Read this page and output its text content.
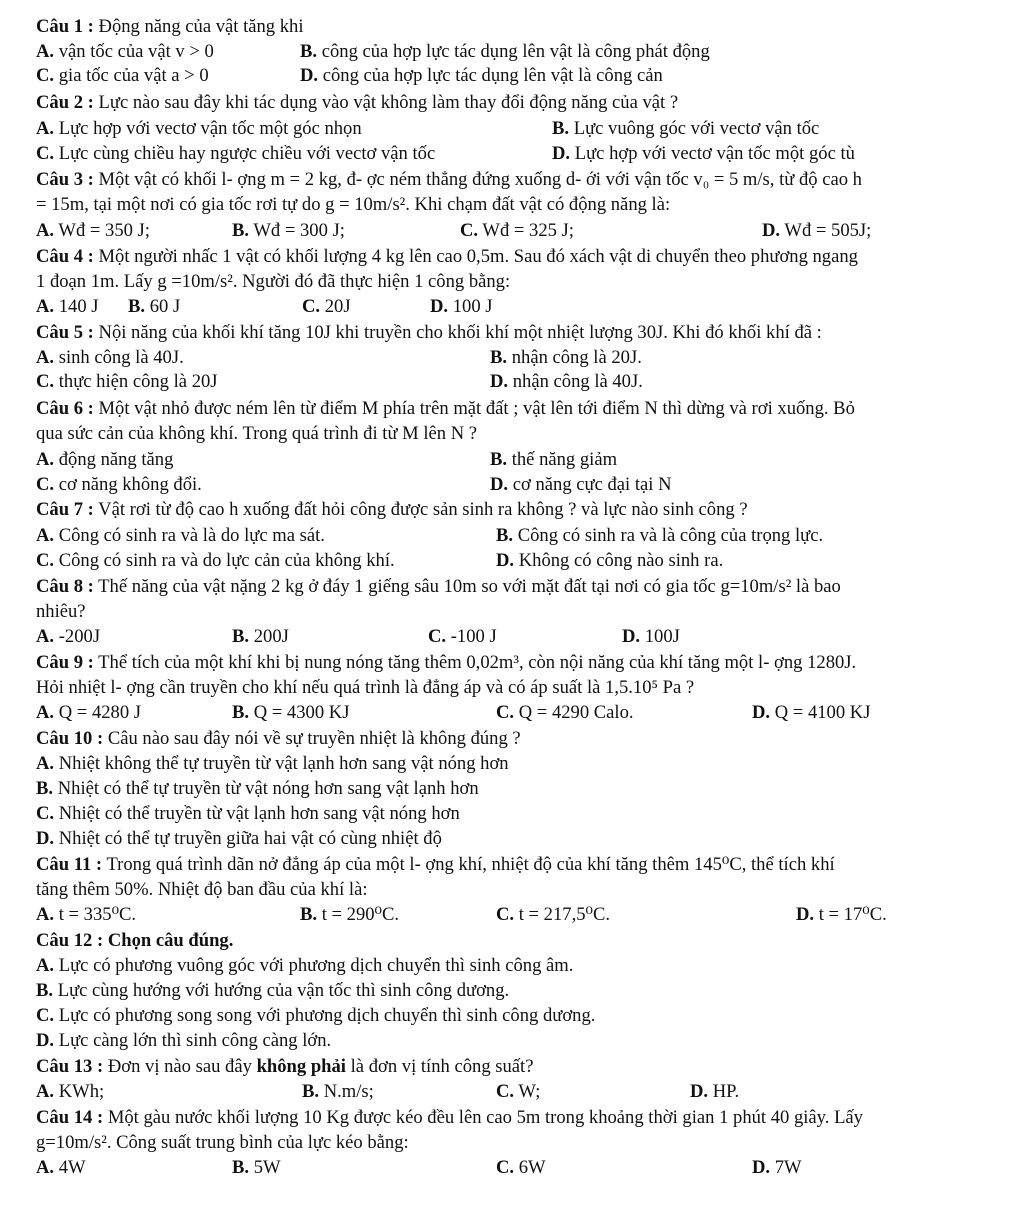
Câu 1 : Động năng của vật tăng khi
A. vận tốc của vật v > 0	B. công của hợp lực tác dụng lên vật là công phát động
C. gia tốc của vật a > 0	D. công của hợp lực tác dụng lên vật là công cản
Câu 2 : Lực nào sau đây khi tác dụng vào vật không làm thay đổi động năng của vật ?
A. Lực hợp với vectơ vận tốc một góc nhọn	B. Lực vuông góc với vectơ vận tốc
C. Lực cùng chiều hay ngược chiều với vectơ vận tốc	D. Lực hợp với vectơ vận tốc một góc tù
Câu 3 : Một vật có khối l- ợng m = 2 kg, đ- ợc ném thẳng đứng xuống d- ới với vận tốc v₀ = 5 m/s, từ độ cao h
= 15m, tại một nơi có gia tốc rơi tự do g = 10m/s². Khi chạm đất vật có động năng là:
A. Wđ = 350 J;	B. Wđ = 300 J;	C. Wđ = 325 J;	D. Wđ = 505J;
Câu 4 : Một người nhấc 1 vật có khối lượng 4 kg lên cao 0,5m. Sau đó xách vật di chuyển theo phương ngang
1 đoạn 1m. Lấy g =10m/s². Người đó đã thực hiện 1 công bằng:
A. 140 J B. 60 J	C. 20J	D. 100 J
Câu 5 : Nội năng của khối khí tăng 10J khi truyền cho khối khí một nhiệt lượng 30J. Khi đó khối khí đã :
A. sinh công là 40J.	B. nhận công là 20J.
C. thực hiện công là 20J	D. nhận công là 40J.
Câu 6 : Một vật nhỏ được ném lên từ điểm M phía trên mặt đất ; vật lên tới điểm N thì dừng và rơi xuống. Bỏ
qua sức cản của không khí. Trong quá trình đi từ M lên N ?
A. động năng tăng	B. thế năng giảm
C. cơ năng không đổi.	D. cơ năng cực đại tại N
Câu 7 : Vật rơi từ độ cao h xuống đất hỏi công được sản sinh ra không ? và lực nào sinh công ?
A. Công có sinh ra và là do lực ma sát.	B. Công có sinh ra và là công của trọng lực.
C. Công có sinh ra và do lực cản của không khí.	D. Không có công nào sinh ra.
Câu 8 : Thế năng của vật nặng 2 kg ở đáy 1 giếng sâu 10m so với mặt đất tại nơi có gia tốc g=10m/s² là bao
nhiêu?
A. -200J	B. 200J	C. -100 J	D. 100J
Câu 9 : Thể tích của một khí khi bị nung nóng tăng thêm 0,02m³, còn nội năng của khí tăng một l- ợng 1280J.
Hỏi nhiệt l- ợng cần truyền cho khí nếu quá trình là đẳng áp và có áp suất là 1,5.10⁵ Pa ?
A. Q = 4280 J	B. Q = 4300 KJ	C. Q = 4290 Calo.	D. Q = 4100 KJ
Câu 10 : Câu nào sau đây nói về sự truyền nhiệt là không đúng ?
A. Nhiệt không thể tự truyền từ vật lạnh hơn sang vật nóng hơn
B. Nhiệt có thể tự truyền từ vật nóng hơn sang vật lạnh hơn
C. Nhiệt có thể truyền từ vật lạnh hơn sang vật nóng hơn
D. Nhiệt có thể tự truyền giữa hai vật có cùng nhiệt độ
Câu 11 : Trong quá trình dãn nở đẳng áp của một l- ợng khí, nhiệt độ của khí tăng thêm 145⁰C, thể tích khí
tăng thêm 50%. Nhiệt độ ban đầu của khí là:
A. t = 335⁰C.	B. t = 290⁰C.	C. t = 217,5⁰C.	D. t = 17⁰C.
Câu 12 : Chọn câu đúng.
A. Lực có phương vuông góc với phương dịch chuyển thì sinh công âm.
B. Lực cùng hướng với hướng của vận tốc thì sinh công dương.
C. Lực có phương song song với phương dịch chuyển thì sinh công dương.
D. Lực càng lớn thì sinh công càng lớn.
Câu 13 : Đơn vị nào sau đây không phải là đơn vị tính công suất?
A. KWh;	B. N.m/s;	C. W;	D. HP.
Câu 14 : Một gàu nước khối lượng 10 Kg được kéo đều lên cao 5m trong khoảng thời gian 1 phút 40 giây. Lấy
g=10m/s². Công suất trung bình của lực kéo bằng:
A. 4W	B. 5W	C. 6W	D. 7W
